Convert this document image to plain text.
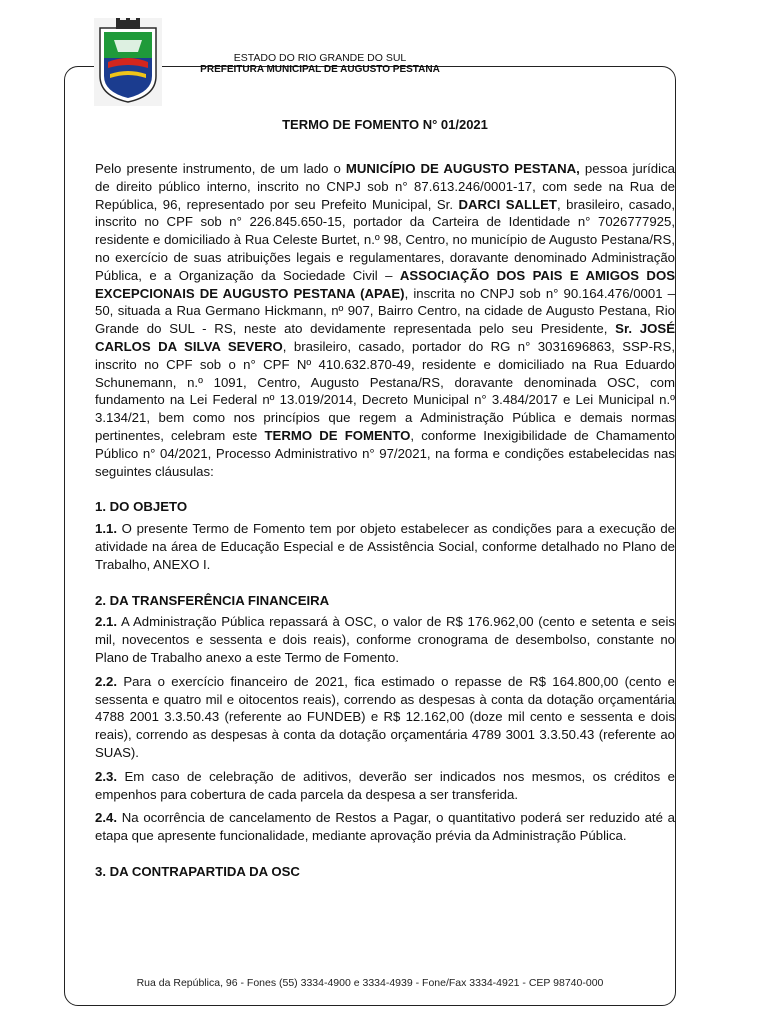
ESTADO DO RIO GRANDE DO SUL
PREFEITURA MUNICIPAL DE AUGUSTO PESTANA
TERMO DE FOMENTO N° 01/2021

Pelo presente instrumento, de um lado o MUNICÍPIO DE AUGUSTO PESTANA, pessoa jurídica de direito público interno, inscrito no CNPJ sob n° 87.613.246/0001-17, com sede na Rua de República, 96, representado por seu Prefeito Municipal, Sr. DARCI SALLET, brasileiro, casado, inscrito no CPF sob n° 226.845.650-15, portador da Carteira de Identidade n° 7026777925, residente e domiciliado à Rua Celeste Burtet, n.º 98, Centro, no município de Augusto Pestana/RS, no exercício de suas atribuições legais e regulamentares, doravante denominado Administração Pública, e a Organização da Sociedade Civil – ASSOCIAÇÃO DOS PAIS E AMIGOS DOS EXCEPCIONAIS DE AUGUSTO PESTANA (APAE), inscrita no CNPJ sob n° 90.164.476/0001 – 50, situada a Rua Germano Hickmann, nº 907, Bairro Centro, na cidade de Augusto Pestana, Rio Grande do SUL - RS, neste ato devidamente representada pelo seu Presidente, Sr. JOSÉ CARLOS DA SILVA SEVERO, brasileiro, casado, portador do RG n° 3031696863, SSP-RS, inscrito no CPF sob o n° CPF Nº 410.632.870-49, residente e domiciliado na Rua Eduardo Schunemann, n.º 1091, Centro, Augusto Pestana/RS, doravante denominada OSC, com fundamento na Lei Federal nº 13.019/2014, Decreto Municipal n° 3.484/2017 e Lei Municipal n.º 3.134/21, bem como nos princípios que regem a Administração Pública e demais normas pertinentes, celebram este TERMO DE FOMENTO, conforme Inexigibilidade de Chamamento Público n° 04/2021, Processo Administrativo n° 97/2021, na forma e condições estabelecidas nas seguintes cláusulas:

1. DO OBJETO

1.1. O presente Termo de Fomento tem por objeto estabelecer as condições para a execução de atividade na área de Educação Especial e de Assistência Social, conforme detalhado no Plano de Trabalho, ANEXO I.

2. DA TRANSFERÊNCIA FINANCEIRA

2.1. A Administração Pública repassará à OSC, o valor de R$ 176.962,00 (cento e setenta e seis mil, novecentos e sessenta e dois reais), conforme cronograma de desembolso, constante no Plano de Trabalho anexo a este Termo de Fomento.

2.2. Para o exercício financeiro de 2021, fica estimado o repasse de R$ 164.800,00 (cento e sessenta e quatro mil e oitocentos reais), correndo as despesas à conta da dotação orçamentária 4788 2001 3.3.50.43 (referente ao FUNDEB) e R$ 12.162,00 (doze mil cento e sessenta e dois reais), correndo as despesas à conta da dotação orçamentária 4789 3001 3.3.50.43 (referente ao SUAS).

2.3. Em caso de celebração de aditivos, deverão ser indicados nos mesmos, os créditos e empenhos para cobertura de cada parcela da despesa a ser transferida.

2.4. Na ocorrência de cancelamento de Restos a Pagar, o quantitativo poderá ser reduzido até a etapa que apresente funcionalidade, mediante aprovação prévia da Administração Pública.

3. DA CONTRAPARTIDA DA OSC

Rua da República, 96 - Fones (55) 3334-4900 e 3334-4939 - Fone/Fax 3334-4921 - CEP 98740-000
